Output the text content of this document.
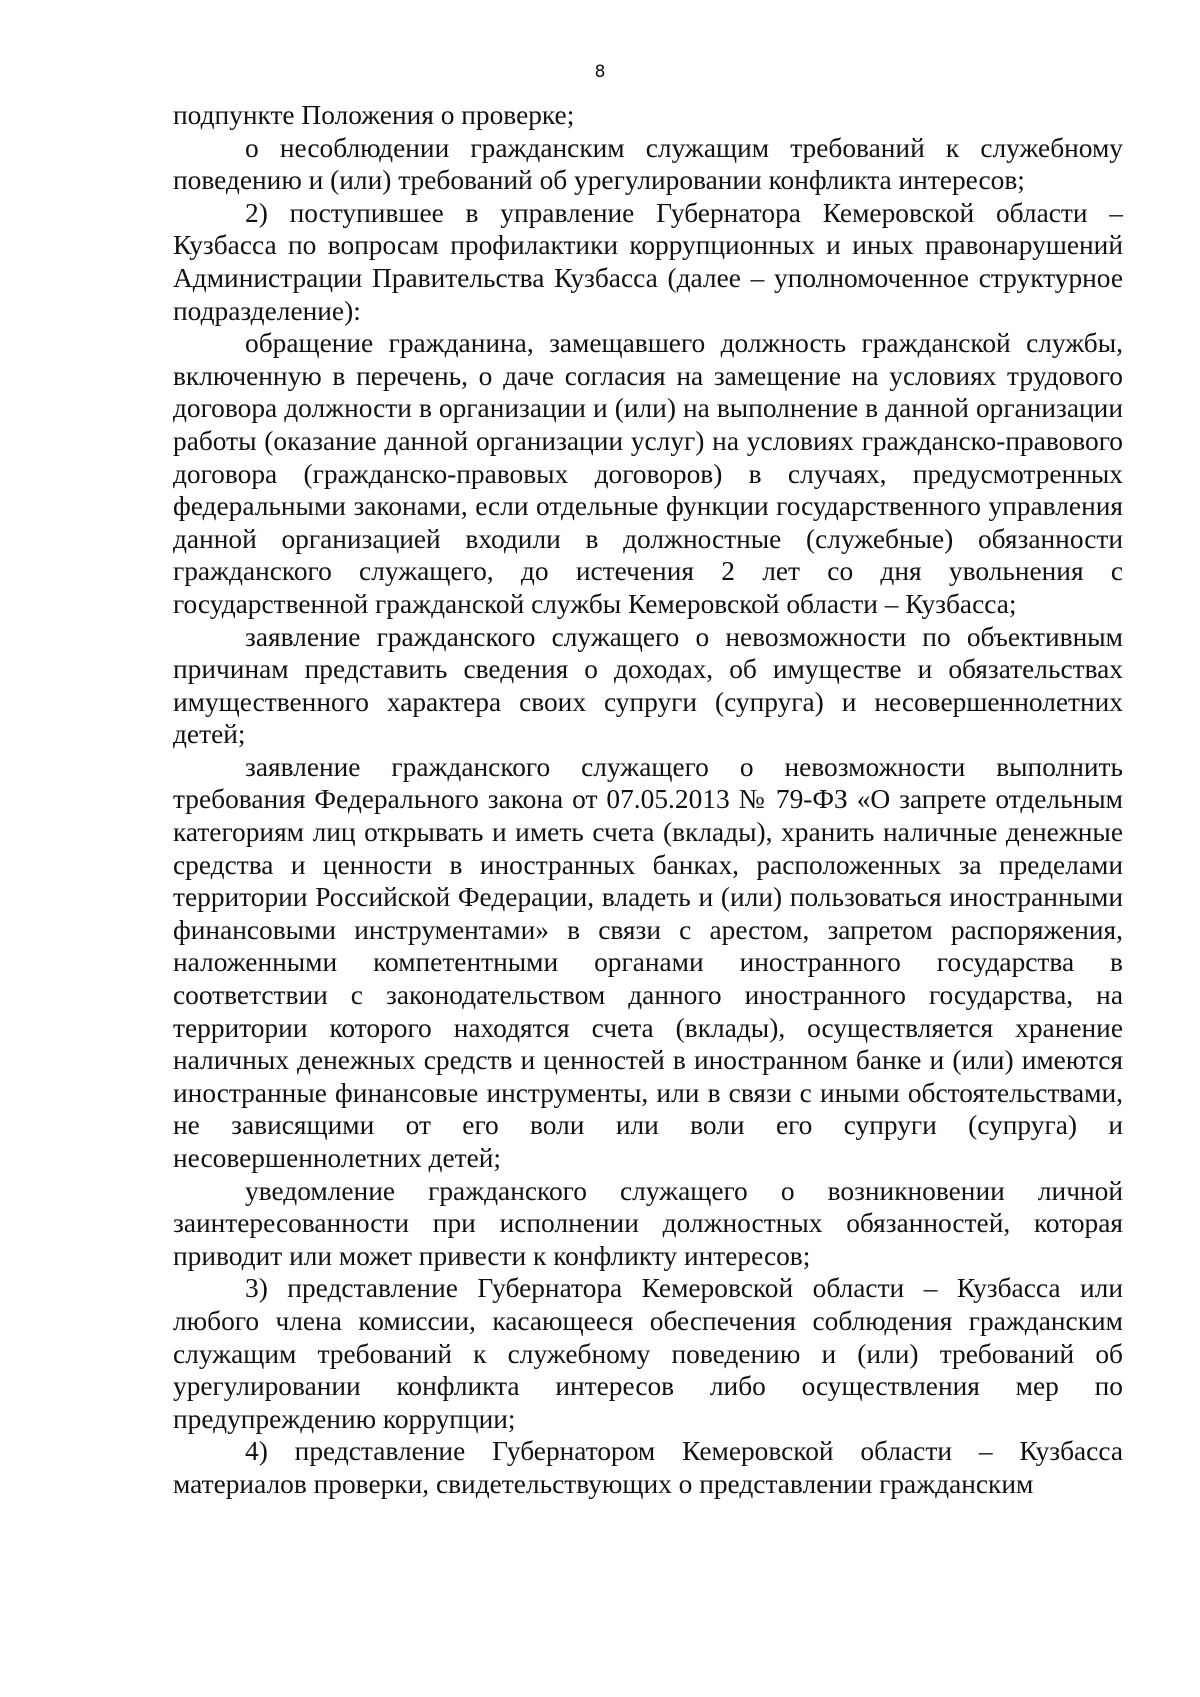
8

подпункте Положения о проверке;

о несоблюдении гражданским служащим требований к служебному поведению и (или) требований об урегулировании конфликта интересов;

2) поступившее в управление Губернатора Кемеровской области – Кузбасса по вопросам профилактики коррупционных и иных правонарушений Администрации Правительства Кузбасса (далее – уполномоченное структурное подразделение):

обращение гражданина, замещавшего должность гражданской службы, включенную в перечень, о даче согласия на замещение на условиях трудового договора должности в организации и (или) на выполнение в данной организации работы (оказание данной организации услуг) на условиях гражданско-правового договора (гражданско-правовых договоров) в случаях, предусмотренных федеральными законами, если отдельные функции государственного управления данной организацией входили в должностные (служебные) обязанности гражданского служащего, до истечения 2 лет со дня увольнения с государственной гражданской службы Кемеровской области – Кузбасса;

заявление гражданского служащего о невозможности по объективным причинам представить сведения о доходах, об имуществе и обязательствах имущественного характера своих супруги (супруга) и несовершеннолетних детей;

заявление гражданского служащего о невозможности выполнить требования Федерального закона от 07.05.2013 № 79-ФЗ «О запрете отдельным категориям лиц открывать и иметь счета (вклады), хранить наличные денежные средства и ценности в иностранных банках, расположенных за пределами территории Российской Федерации, владеть и (или) пользоваться иностранными финансовыми инструментами» в связи с арестом, запретом распоряжения, наложенными компетентными органами иностранного государства в соответствии с законодательством данного иностранного государства, на территории которого находятся счета (вклады), осуществляется хранение наличных денежных средств и ценностей в иностранном банке и (или) имеются иностранные финансовые инструменты, или в связи с иными обстоятельствами, не зависящими от его воли или воли его супруги (супруга) и несовершеннолетних детей;

уведомление гражданского служащего о возникновении личной заинтересованности при исполнении должностных обязанностей, которая приводит или может привести к конфликту интересов;

3) представление Губернатора Кемеровской области – Кузбасса или любого члена комиссии, касающееся обеспечения соблюдения гражданским служащим требований к служебному поведению и (или) требований об урегулировании конфликта интересов либо осуществления мер по предупреждению коррупции;

4) представление Губернатором Кемеровской области – Кузбасса материалов проверки, свидетельствующих о представлении гражданским
